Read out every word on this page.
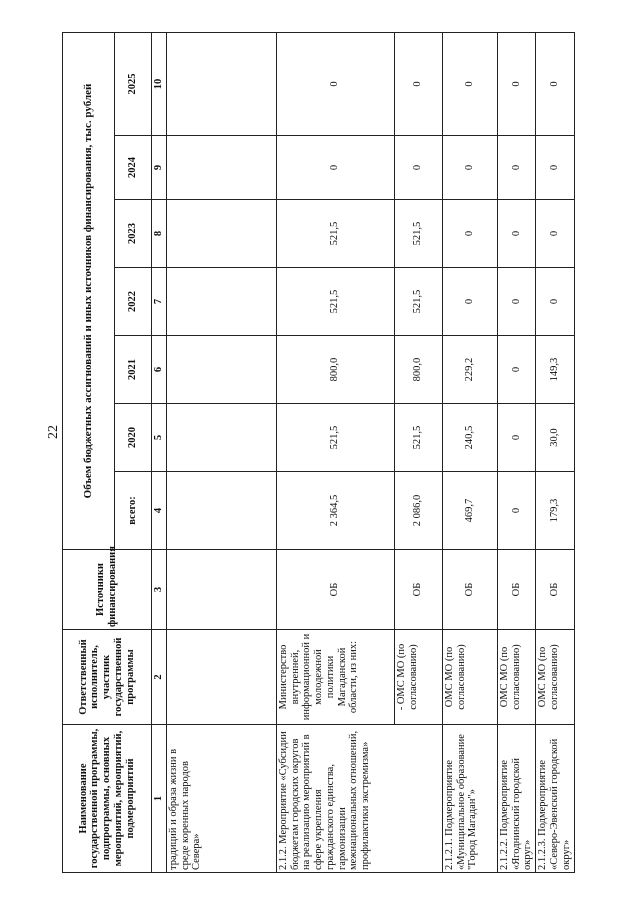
22
Наименование государственной программы, подпрограммы, основных мероприятий, мероприятий, подмероприятий	Ответственный исполнитель, участник государственной программы	Источники финансирования	Объем бюджетных ассигнований и иных источников финансирования, тыс. рублей						
			всего:	2020	2021	2022	2023	2024	2025
1	2	3	4	5	6	7	8	9	10
традиций и образа жизни в среде коренных народов Севера»									
2.1.2. Мероприятие «Субсидии бюджетам городских округов на реализацию мероприятий в сфере укрепления гражданского единства, гармонизации межнациональных отношений, профилактики экстремизма»	Министерство внутренней, информационной и молодежной политики Магаданской области, из них:	ОБ	2 364,5	521,5	800,0	521,5	521,5	0	0
	- ОМС МО (по согласованию)	ОБ	2 086,0	521,5	800,0	521,5	521,5	0	0
2.1.2.1. Подмероприятие «Муниципальное образование "Город Магадан"»	ОМС МО (по согласованию)	ОБ	469,7	240,5	229,2	0	0	0	0
2.1.2.2. Подмероприятие «Ягоднинский городской округ»	ОМС МО (по согласованию)	ОБ	0	0	0	0	0	0	0
2.1.2.3. Подмероприятие «Северо-Эвенский городской округ»	ОМС МО (по согласованию)	ОБ	179,3	30,0	149,3	0	0	0	0
